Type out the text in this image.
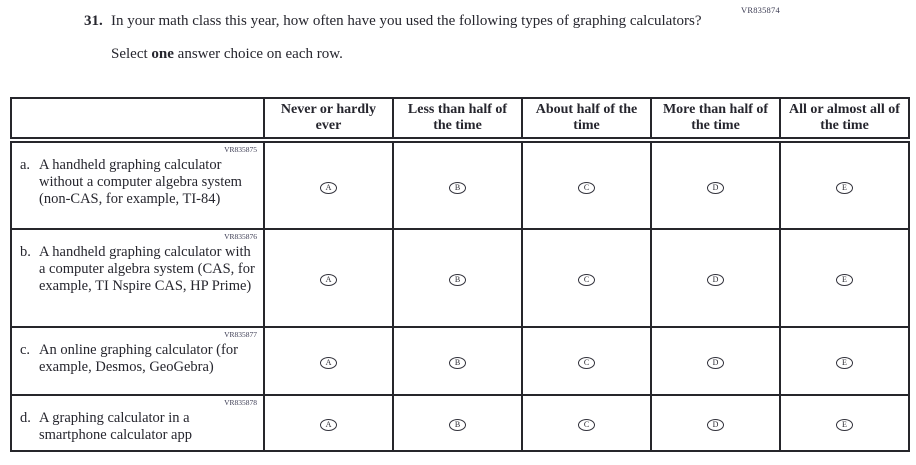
VR835874
31. In your math class this year, how often have you used the following types of graphing calculators?
Select one answer choice on each row.
	Never or hardly ever	Less than half of the time	About half of the time	More than half of the time	All or almost all of the time

VR835875
a. A handheld graphing calculator without a computer algebra system (non-CAS, for example, TI-84)	A	B	C	D	E

VR835876
b. A handheld graphing calculator with a computer algebra system (CAS, for example, TI Nspire CAS, HP Prime)	A	B	C	D	E

VR835877
c. An online graphing calculator (for example, Desmos, GeoGebra)	A	B	C	D	E

VR835878
d. A graphing calculator in a smartphone calculator app	A	B	C	D	E
